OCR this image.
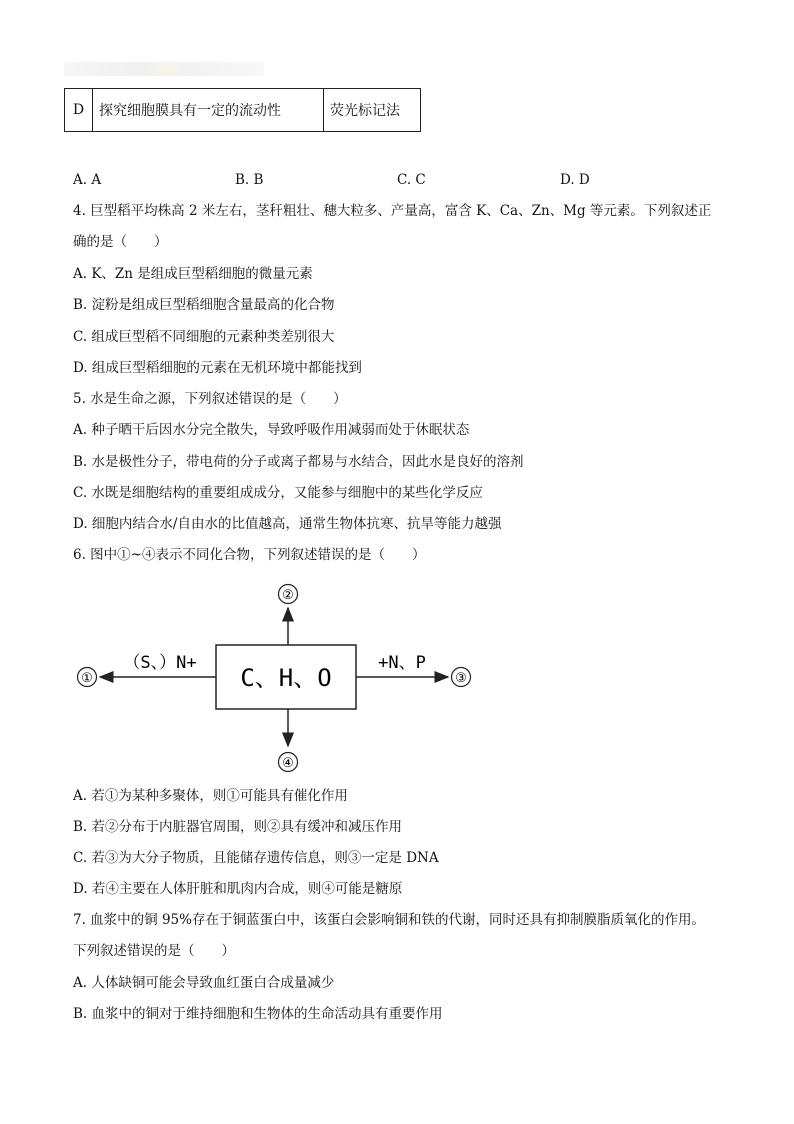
D	探究细胞膜具有一定的流动性	荧光标记法
A. A	B. B	C. C	D. D
4. 巨型稻平均株高 2 米左右，茎秆粗壮、穗大粒多、产量高，富含 K、Ca、Zn、Mg 等元素。下列叙述正
确的是（　　）
A. K、Zn 是组成巨型稻细胞的微量元素
B. 淀粉是组成巨型稻细胞含量最高的化合物
C. 组成巨型稻不同细胞的元素种类差别很大
D. 组成巨型稻细胞的元素在无机环境中都能找到
5. 水是生命之源，下列叙述错误的是（　　）
A. 种子晒干后因水分完全散失，导致呼吸作用减弱而处于休眠状态
B. 水是极性分子，带电荷的分子或离子都易与水结合，因此水是良好的溶剂
C. 水既是细胞结构的重要组成成分，又能参与细胞中的某些化学反应
D. 细胞内结合水/自由水的比值越高，通常生物体抗寒、抗旱等能力越强
6. 图中①~④表示不同化合物，下列叙述错误的是（　　）
C、H、O
②
④
①
（S、）N+
③
+N、P
A. 若①为某种多聚体，则①可能具有催化作用
B. 若②分布于内脏器官周围，则②具有缓冲和减压作用
C. 若③为大分子物质，且能储存遗传信息，则③一定是 DNA
D. 若④主要在人体肝脏和肌肉内合成，则④可能是糖原
7. 血浆中的铜 95%存在于铜蓝蛋白中，该蛋白会影响铜和铁的代谢，同时还具有抑制膜脂质氧化的作用。
下列叙述错误的是（　　）
A. 人体缺铜可能会导致血红蛋白合成量减少
B. 血浆中的铜对于维持细胞和生物体的生命活动具有重要作用
